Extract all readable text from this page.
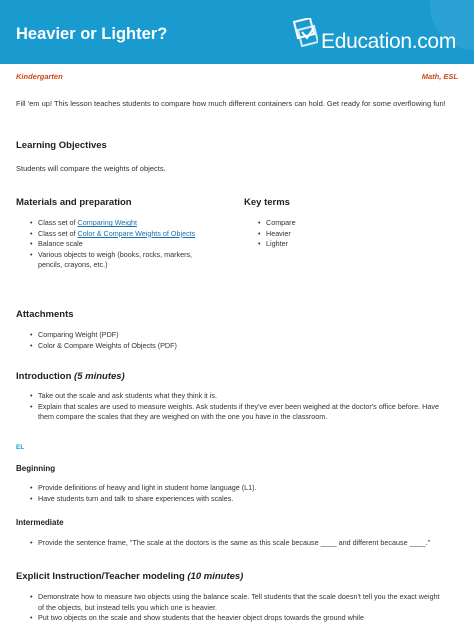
Heavier or Lighter?	Education.com
Kindergarten	Math, ESL
Fill 'em up! This lesson teaches students to compare how much different containers can hold. Get ready for some overflowing fun!
Learning Objectives
Students will compare the weights of objects.
Materials and preparation
• Class set of Comparing Weight
• Class set of Color & Compare Weights of Objects
• Balance scale
• Various objects to weigh (books, rocks, markers, pencils, crayons, etc.)
Key terms
• Compare
• Heavier
• Lighter
Attachments
• Comparing Weight (PDF)
• Color & Compare Weights of Objects (PDF)
Introduction (5 minutes)
• Take out the scale and ask students what they think it is.
• Explain that scales are used to measure weights. Ask students if they've ever been weighed at the doctor's office before. Have them compare the scales that they are weighed on with the one you have in the classroom.
EL
Beginning
• Provide definitions of heavy and light in student home language (L1).
• Have students turn and talk to share experiences with scales.
Intermediate
• Provide the sentence frame, "The scale at the doctors is the same as this scale because ____ and different because ____."
Explicit Instruction/Teacher modeling (10 minutes)
• Demonstrate how to measure two objects using the balance scale. Tell students that the scale doesn't tell you the exact weight of the objects, but instead tells you which one is heavier.
• Put two objects on the scale and show students that the heavier object drops towards the ground while
